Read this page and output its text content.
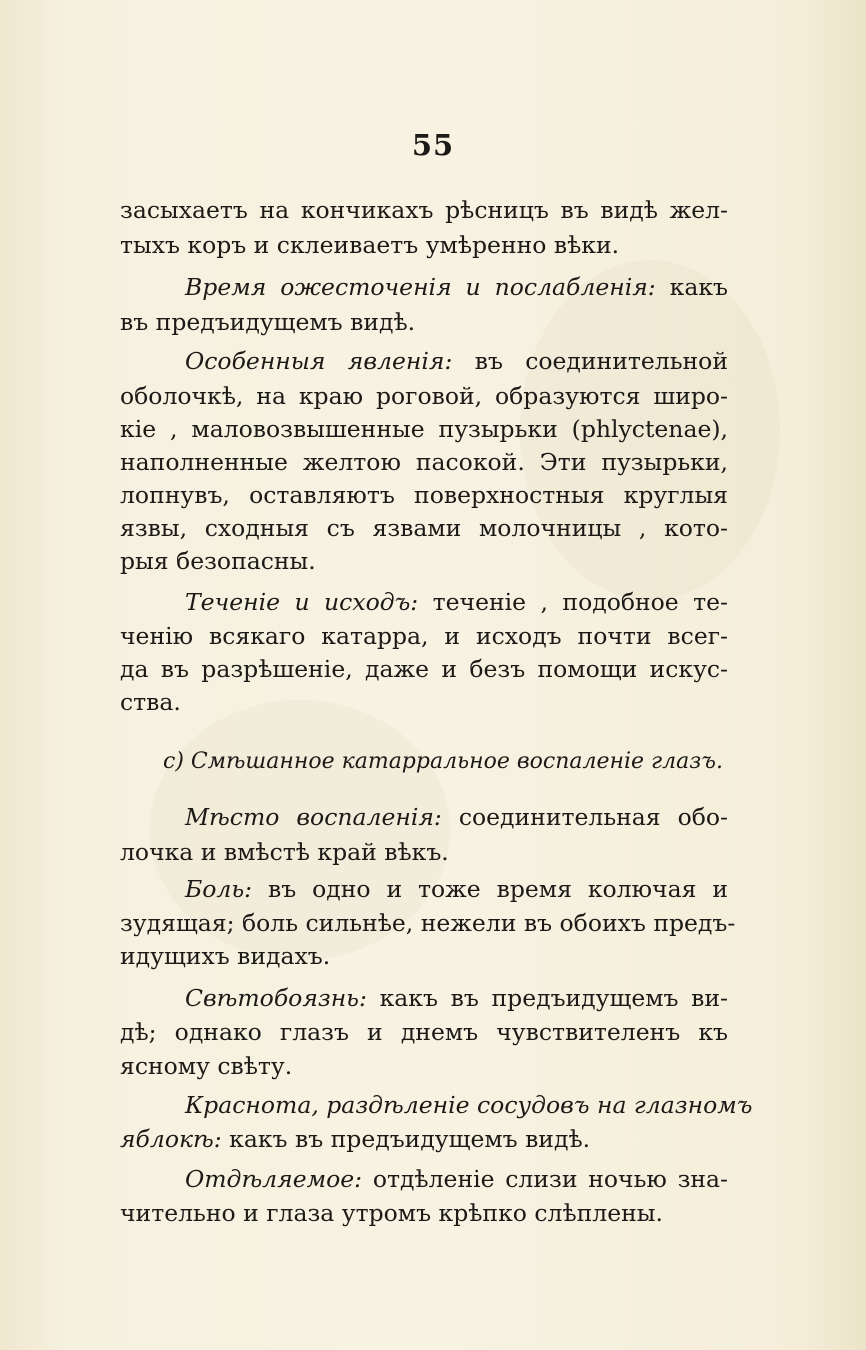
55
засыхаетъ на кончикахъ рѣсницъ въ видѣ жел-
тыхъ коръ и склеиваетъ умѣренно вѣки.
Время ожесточенія и послабленія: какъ
въ предъидущемъ видѣ.
Особенныя явленія: въ соединительной
оболочкѣ, на краю роговой, образуются широ-
кіе , маловозвышенные пузырьки (phlyctenae),
наполненные желтою пасокой. Эти пузырьки,
лопнувъ, оставляютъ поверхностныя круглыя
язвы, сходныя съ язвами молочницы , кото-
рыя безопасны.
Теченіе и исходъ: теченіе , подобное те-
ченію всякаго катарра, и исходъ почти всег-
да въ разрѣшеніе, даже и безъ помощи искус-
ства.
c) Смѣшанное катарральное воспаленіе глазъ.
Мѣсто воспаленія: соединительная обо-
лочка и вмѣстѣ край вѣкъ.
Боль: въ одно и тоже время колючая и
зудящая; боль сильнѣе, нежели въ обоихъ предъ-
идущихъ видахъ.
Свѣтобоязнь: какъ въ предъидущемъ ви-
дѣ; однако глазъ и днемъ чувствителенъ къ
ясному свѣту.
Краснота, раздѣленіе сосудовъ на глазномъ
яблокѣ: какъ въ предъидущемъ видѣ.
Отдѣляемое: отдѣленіе слизи ночью зна-
чительно и глаза утромъ крѣпко слѣплены.
